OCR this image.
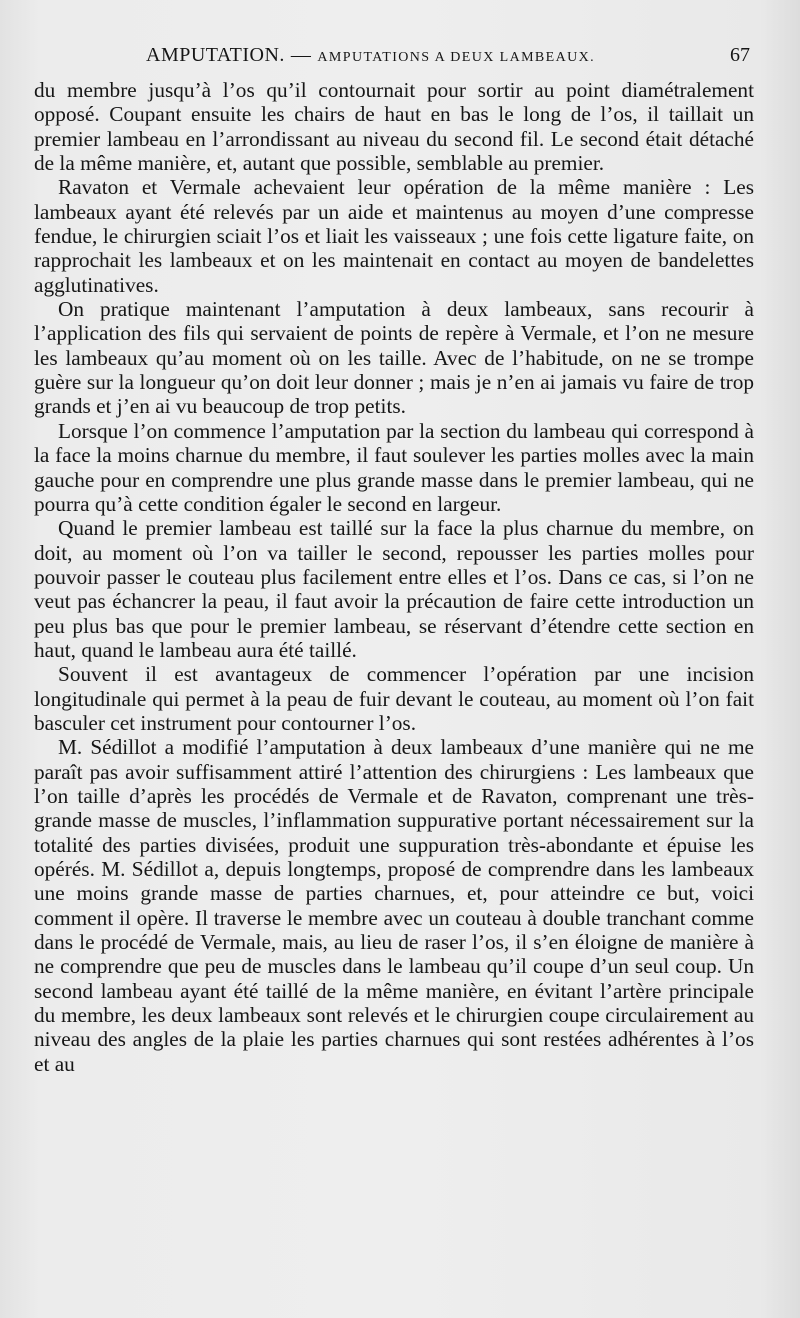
AMPUTATION. — AMPUTATIONS A DEUX LAMBEAUX.	67

du membre jusqu’à l’os qu’il contournait pour sortir au point diamétralement opposé. Coupant ensuite les chairs de haut en bas le long de l’os, il taillait un premier lambeau en l’arrondissant au niveau du second fil. Le second était détaché de la même manière, et, autant que possible, semblable au premier.

Ravaton et Vermale achevaient leur opération de la même manière : Les lambeaux ayant été relevés par un aide et maintenus au moyen d’une compresse fendue, le chirurgien sciait l’os et liait les vaisseaux ; une fois cette ligature faite, on rapprochait les lambeaux et on les maintenait en contact au moyen de bandelettes agglutinatives.

On pratique maintenant l’amputation à deux lambeaux, sans recourir à l’application des fils qui servaient de points de repère à Vermale, et l’on ne mesure les lambeaux qu’au moment où on les taille. Avec de l’habitude, on ne se trompe guère sur la longueur qu’on doit leur donner ; mais je n’en ai jamais vu faire de trop grands et j’en ai vu beaucoup de trop petits.

Lorsque l’on commence l’amputation par la section du lambeau qui correspond à la face la moins charnue du membre, il faut soulever les parties molles avec la main gauche pour en comprendre une plus grande masse dans le premier lambeau, qui ne pourra qu’à cette condition égaler le second en largeur.

Quand le premier lambeau est taillé sur la face la plus charnue du membre, on doit, au moment où l’on va tailler le second, repousser les parties molles pour pouvoir passer le couteau plus facilement entre elles et l’os. Dans ce cas, si l’on ne veut pas échancrer la peau, il faut avoir la précaution de faire cette introduction un peu plus bas que pour le premier lambeau, se réservant d’étendre cette section en haut, quand le lambeau aura été taillé.

Souvent il est avantageux de commencer l’opération par une incision longitudinale qui permet à la peau de fuir devant le couteau, au moment où l’on fait basculer cet instrument pour contourner l’os.

M. Sédillot a modifié l’amputation à deux lambeaux d’une manière qui ne me paraît pas avoir suffisamment attiré l’attention des chirurgiens : Les lambeaux que l’on taille d’après les procédés de Vermale et de Ravaton, comprenant une très-grande masse de muscles, l’inflammation suppurative portant nécessairement sur la totalité des parties divisées, produit une suppuration très-abondante et épuise les opérés. M. Sédillot a, depuis longtemps, proposé de comprendre dans les lambeaux une moins grande masse de parties charnues, et, pour atteindre ce but, voici comment il opère. Il traverse le membre avec un couteau à double tranchant comme dans le procédé de Vermale, mais, au lieu de raser l’os, il s’en éloigne de manière à ne comprendre que peu de muscles dans le lambeau qu’il coupe d’un seul coup. Un second lambeau ayant été taillé de la même manière, en évitant l’artère principale du membre, les deux lambeaux sont relevés et le chirurgien coupe circulairement au niveau des angles de la plaie les parties charnues qui sont restées adhérentes à l’os et au
